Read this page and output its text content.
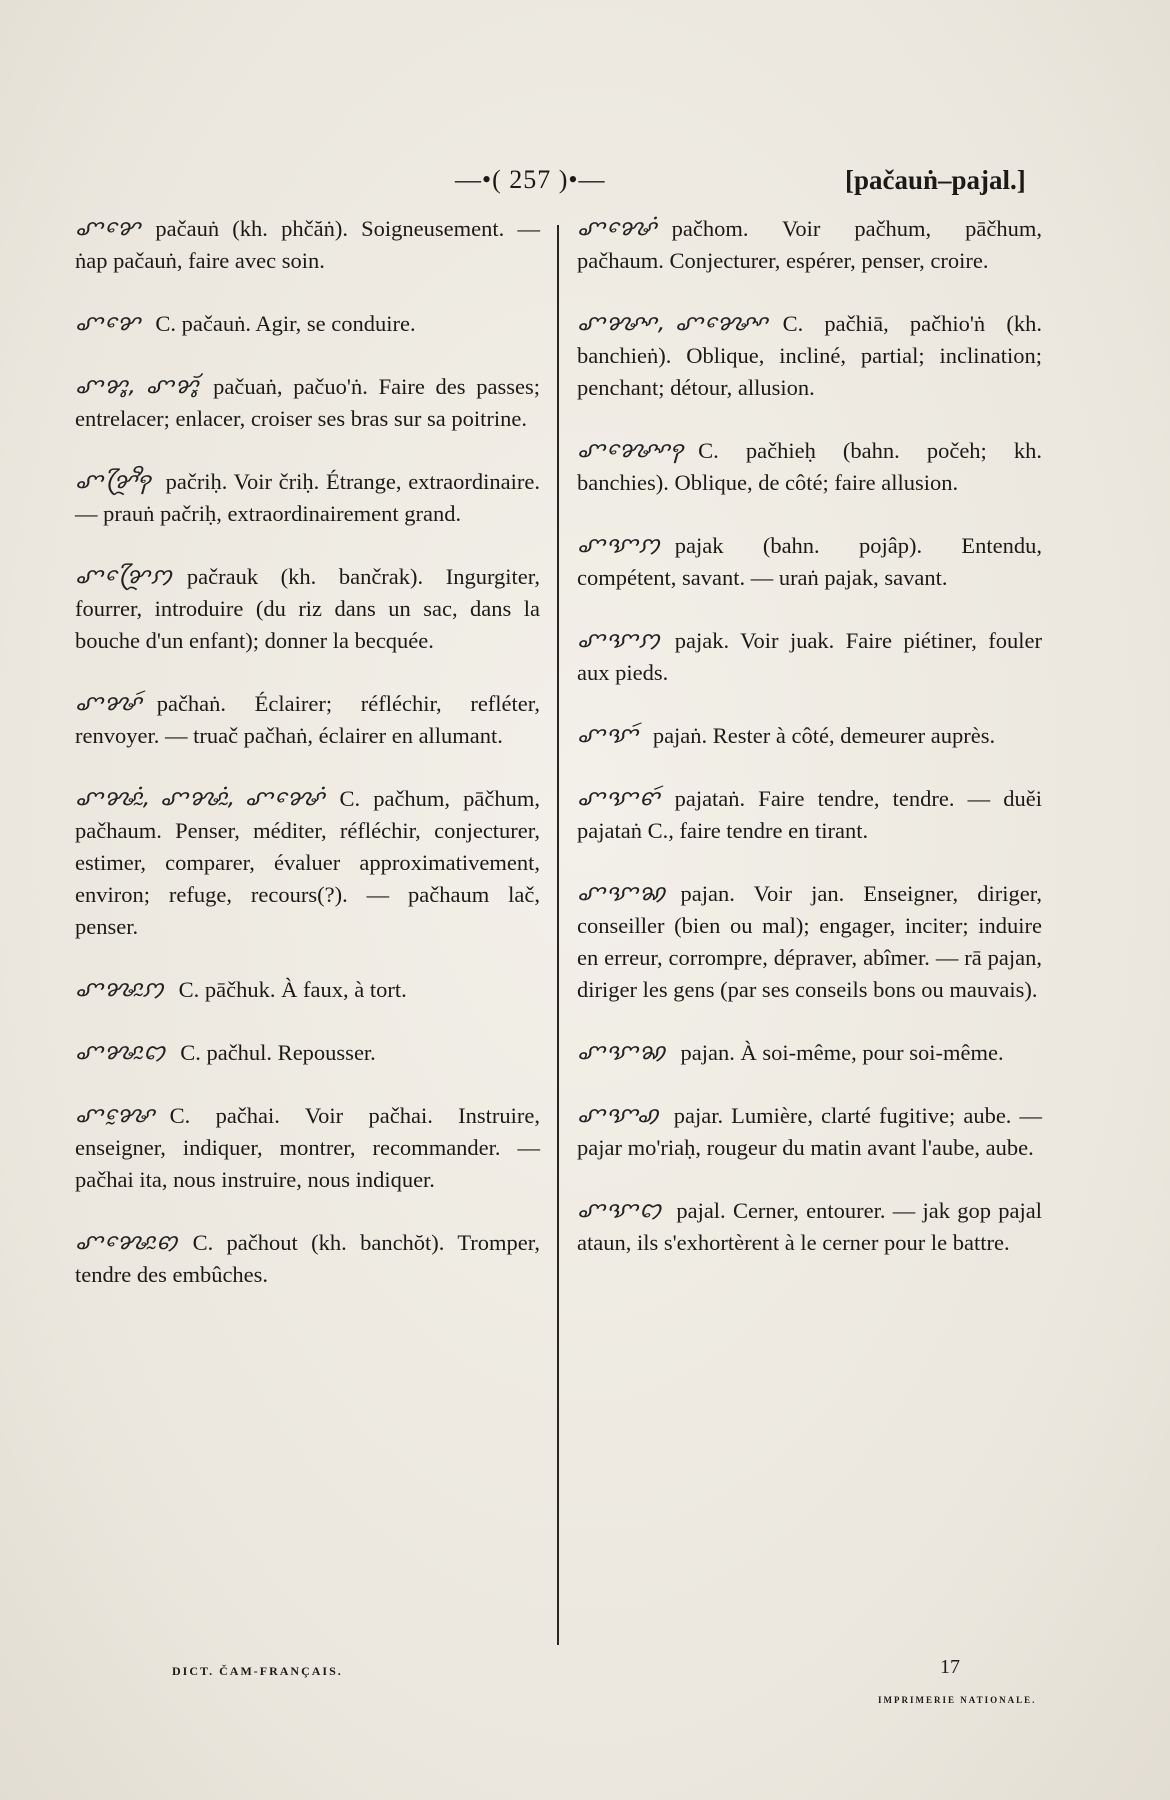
—•( 257 )•—	[pačauṅ–pajal.]
ꨚꨌꨯ pačauṅ (kh. phčăṅ). Soigneusement. — ṅap pačauṅ, faire avec soin.
ꨚꨌꨯ C. pačauṅ. Agir, se conduire.
ꨚꨌꨶ, ꨚꨌꨶꨮ pačuaṅ, pačuo'ṅ. Faire des passes; entrelacer; enlacer, croiser ses bras sur sa poitrine.
ꨚꨌꨴꨪꩍ pačriḥ. Voir čriḥ. Étrange, extraordinaire. — prauṅ pačriḥ, extraordinairement grand.
ꨚꨌꨴꨯꩀ pačrauk (kh. bančrak). Ingurgiter, fourrer, introduire (du riz dans un sac, dans la bouche d'un enfant); donner la becquée.
ꨚꨍꩃ pačhaṅ. Éclairer; réfléchir, refléter, renvoyer. — truač pačhaṅ, éclairer en allumant.
ꨚꨍꨭꩌ, ꨚꨍꨭꩌ, ꨚꨍꨯꩌ C. pačhum, pāčhum, pačhaum. Penser, méditer, réfléchir, conjecturer, estimer, comparer, évaluer approximativement, environ; refuge, recours(?). — pačhaum lač, penser.
ꨚꨍꨭꩀ C. pāčhuk. À faux, à tort.
ꨚꨍꨭꩊ C. pačhul. Repousser.
ꨚꨍꨰ C. pačhai. Voir pačhai. Instruire, enseigner, indiquer, montrer, recommander. — pačhai ita, nous instruire, nous indiquer.
ꨚꨍꨯꨭꩅ C. pačhout (kh. banchŏt). Tromper, tendre des embûches.
ꨚꨍꨯꩌ pačhom. Voir pačhum, pāčhum, pačhaum. Conjecturer, espérer, penser, croire.
ꨚꨍꨳ, ꨚꨍꨳꨯ C. pačhiā, pačhio'ṅ (kh. banchieṅ). Oblique, incliné, partial; inclination; penchant; détour, allusion.
ꨚꨍꨳꨯꩍ C. pačhieḥ (bahn. počeh; kh. banchies). Oblique, de côté; faire allusion.
ꨚꨎꩀ pajak (bahn. pojâp). Entendu, compétent, savant. — uraṅ pajak, savant.
ꨚꨎꩀ pajak. Voir juak. Faire piétiner, fouler aux pieds.
ꨚꨎꩃ pajaṅ. Rester à côté, demeurer auprès.
ꨚꨎꨓꩃ pajataṅ. Faire tendre, tendre. — duěi pajataṅ C., faire tendre en tirant.
ꨚꨎꩆ pajan. Voir jan. Enseigner, diriger, conseiller (bien ou mal); engager, inciter; induire en erreur, corrompre, dépraver, abîmer. — rā pajan, diriger les gens (par ses conseils bons ou mauvais).
ꨚꨎꩆ pajan. À soi-même, pour soi-même.
ꨚꨎꩉ pajar. Lumière, clarté fugitive; aube. — pajar mo'riaḥ, rougeur du matin avant l'aube, aube.
ꨚꨎꩊ pajal. Cerner, entourer. — jak gop pajal ataun, ils s'exhortèrent à le cerner pour le battre.
DICT. ČAM-FRANÇAIS.	17
IMPRIMERIE NATIONALE.
